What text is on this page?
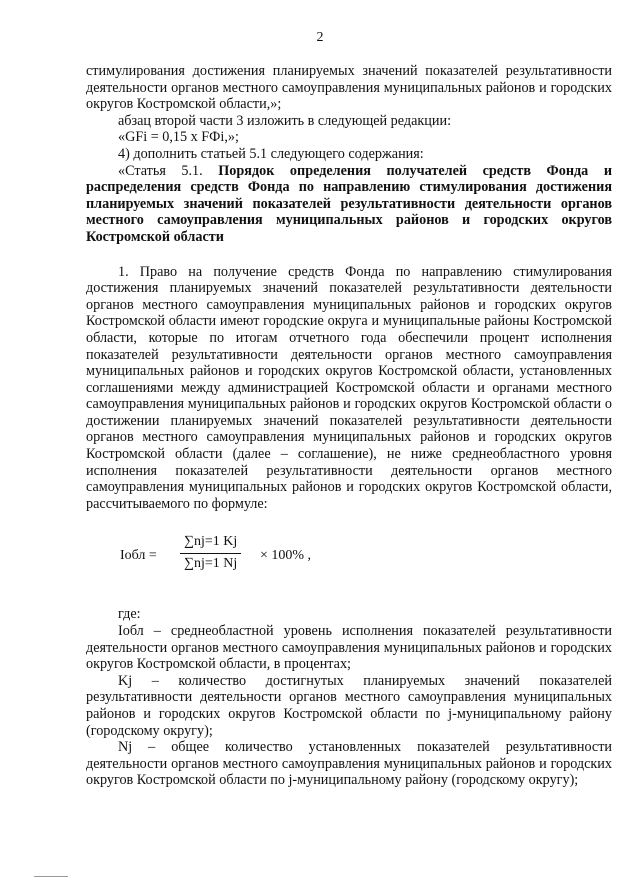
2

стимулирования достижения планируемых значений показателей результативности деятельности органов местного самоуправления муниципальных районов и городских округов Костромской области,»;

абзац второй части 3 изложить в следующей редакции:

«GFi = 0,15 х FФi,»;

4) дополнить статьей 5.1 следующего содержания:

«Статья 5.1. Порядок определения получателей средств Фонда и распределения средств Фонда по направлению стимулирования достижения планируемых значений показателей результативности деятельности органов местного самоуправления муниципальных районов и городских округов Костромской области

1. Право на получение средств Фонда по направлению стимулирования достижения планируемых значений показателей результативности деятельности органов местного самоуправления муниципальных районов и городских округов Костромской области имеют городские округа и муниципальные районы Костромской области, которые по итогам отчетного года обеспечили процент исполнения показателей результативности деятельности органов местного самоуправления муниципальных районов и городских округов Костромской области, установленных соглашениями между администрацией Костромской области и органами местного самоуправления муниципальных районов и городских округов Костромской области о достижении планируемых значений показателей результативности деятельности органов местного самоуправления муниципальных районов и городских округов Костромской области (далее – соглашение), не ниже среднеобластного уровня исполнения показателей результативности деятельности органов местного самоуправления муниципальных районов и городских округов Костромской области, рассчитываемого по формуле:

Iобл = $\frac{\sum nj=1 Kj}{\sum nj=1 Nj} \times 100\%$ ,

где:

Iобл – среднеобластной уровень исполнения показателей результативности деятельности органов местного самоуправления муниципальных районов и городских округов Костромской области, в процентах;

Kj – количество достигнутых планируемых значений показателей результативности деятельности органов местного самоуправления муниципальных районов и городских округов Костромской области по j-муниципальному району (городскому округу);

Nj – общее количество установленных показателей результативности деятельности органов местного самоуправления муниципальных районов и городских округов Костромской области по j-муниципальному району (городскому округу);
